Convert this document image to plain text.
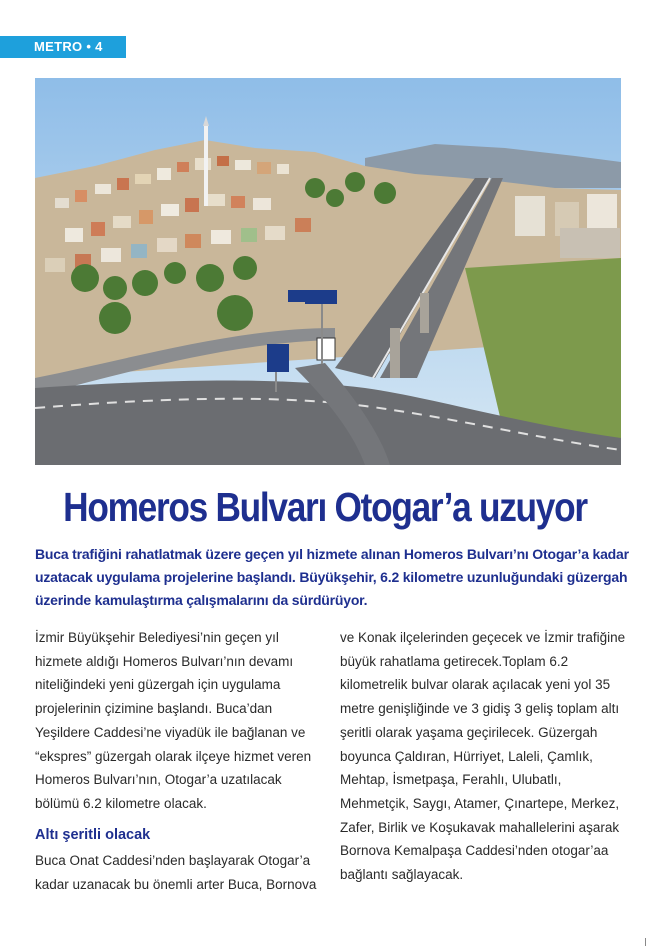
METRO • 4
Homeros Bulvarı Otogar’a uzuyor
Buca trafiğini rahatlatmak üzere geçen yıl hizmete alınan Homeros Bulvarı’nı Otogar’a kadar uzatacak uygulama projelerine başlandı. Büyükşehir, 6.2 kilometre uzunluğundaki güzergah üzerinde kamulaştırma çalışmalarını da sürdürüyor.

İzmir Büyükşehir Belediyesi’nin geçen yıl hizmete aldığı Homeros Bulvarı’nın devamı niteliğindeki yeni güzergah için uygulama projelerinin çizimine başlandı. Buca’dan Yeşildere Caddesi’ne viyadük ile bağlanan ve “ekspres” güzergah olarak ilçeye hizmet veren Homeros Bulvarı’nın, Otogar’a uzatılacak bölümü 6.2 kilometre olacak.

Altı şeritli olacak

Buca Onat Caddesi’nden başlayarak Otogar’a kadar uzanacak bu önemli arter Buca, Bornova

ve Konak ilçelerinden geçecek ve İzmir trafiğine büyük rahatlama getirecek.Toplam 6.2 kilometrelik bulvar olarak açılacak yeni yol 35 metre genişliğinde ve 3 gidiş 3 geliş toplam altı şeritli olarak yaşama geçirilecek. Güzergah boyunca Çaldıran, Hürriyet, Laleli, Çamlık, Mehtap, İsmetpaşa, Ferahlı, Ulubatlı, Mehmetçik, Saygı, Atamer, Çınartepe, Merkez, Zafer, Birlik ve Koşukavak mahallelerini aşarak Bornova Kemalpaşa Caddesi’nden otogar’aa bağlantı sağlayacak.
